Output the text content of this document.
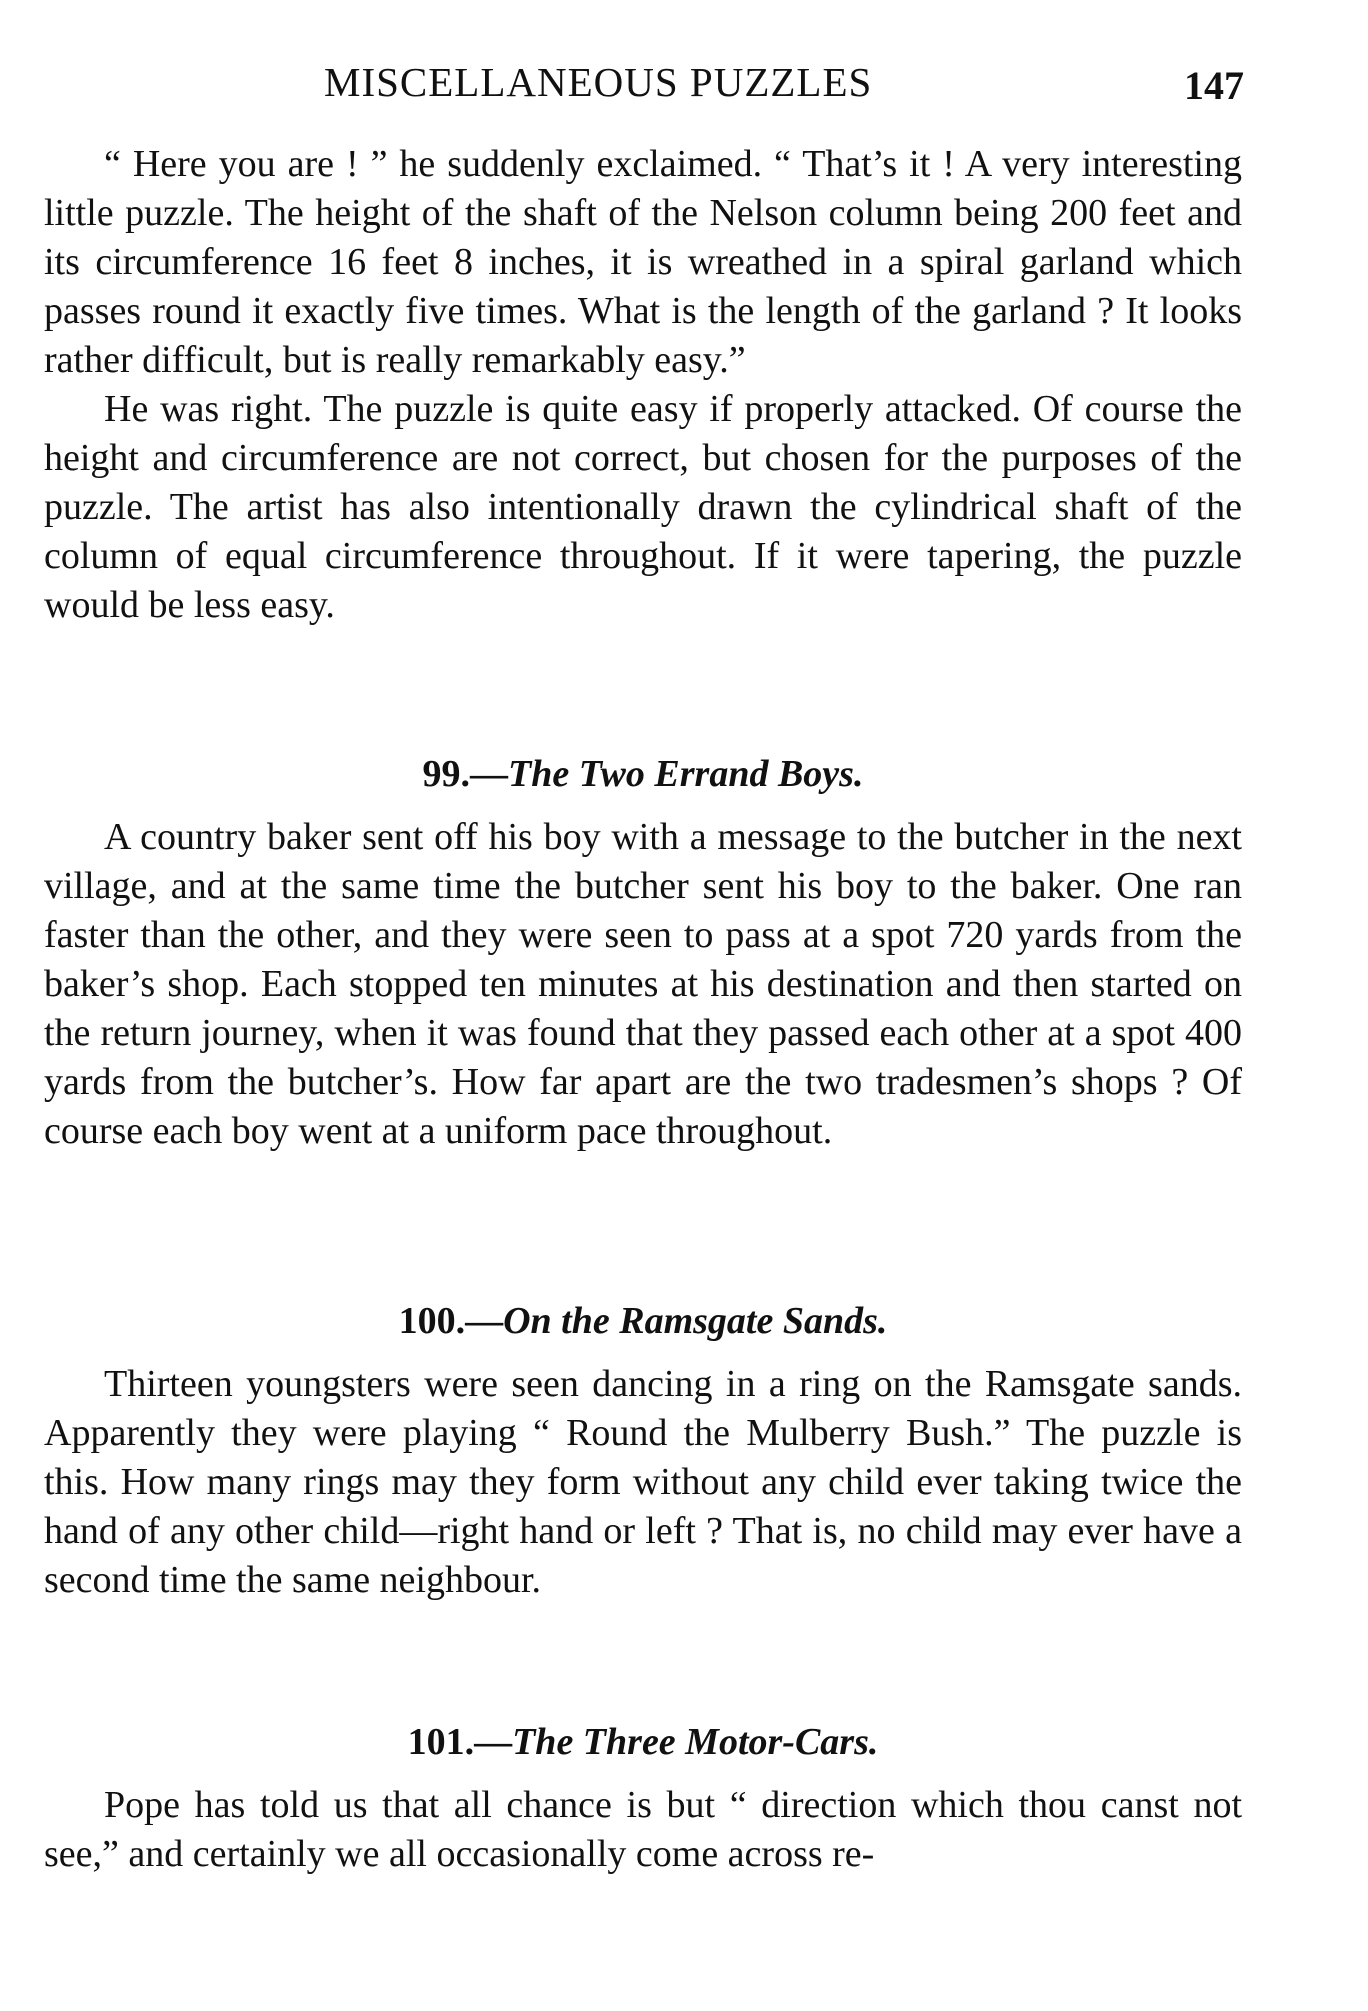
MISCELLANEOUS PUZZLES	147

“ Here you are ! ” he suddenly exclaimed. “ That’s it ! A very interesting little puzzle. The height of the shaft of the Nelson column being 200 feet and its circumference 16 feet 8 inches, it is wreathed in a spiral garland which passes round it exactly five times. What is the length of the garland ? It looks rather difficult, but is really remarkably easy.”

He was right. The puzzle is quite easy if properly attacked. Of course the height and circumference are not correct, but chosen for the purposes of the puzzle. The artist has also intentionally drawn the cylindrical shaft of the column of equal circumference throughout. If it were tapering, the puzzle would be less easy.

99.—The Two Errand Boys.

A country baker sent off his boy with a message to the butcher in the next village, and at the same time the butcher sent his boy to the baker. One ran faster than the other, and they were seen to pass at a spot 720 yards from the baker’s shop. Each stopped ten minutes at his destination and then started on the return journey, when it was found that they passed each other at a spot 400 yards from the butcher’s. How far apart are the two tradesmen’s shops ? Of course each boy went at a uniform pace throughout.

100.—On the Ramsgate Sands.

Thirteen youngsters were seen dancing in a ring on the Ramsgate sands. Apparently they were playing “ Round the Mulberry Bush.” The puzzle is this. How many rings may they form without any child ever taking twice the hand of any other child—right hand or left ? That is, no child may ever have a second time the same neighbour.

101.—The Three Motor-Cars.

Pope has told us that all chance is but “ direction which thou canst not see,” and certainly we all occasionally come across re-
